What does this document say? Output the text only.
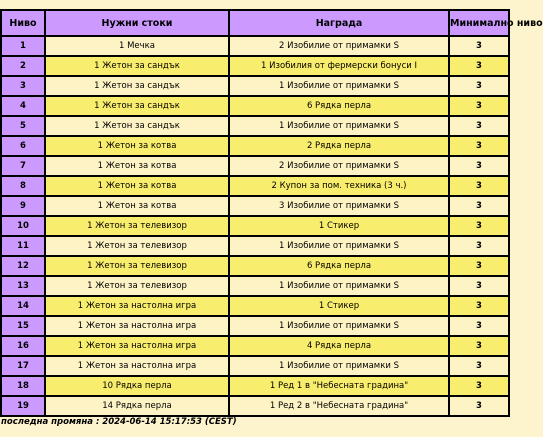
Ниво	Нужни стоки	Награда	Минимално ниво
1	1 Мечка	2 Изобилие от примамки S	3
2	1 Жетон за сандък	1 Изобилия от фермерски бонуси I	3
3	1 Жетон за сандък	1 Изобилие от примамки S	3
4	1 Жетон за сандък	6 Рядка перла	3
5	1 Жетон за сандък	1 Изобилие от примамки S	3
6	1 Жетон за котва	2 Рядка перла	3
7	1 Жетон за котва	2 Изобилие от примамки S	3
8	1 Жетон за котва	2 Купон за пом. техника (3 ч.)	3
9	1 Жетон за котва	3 Изобилие от примамки S	3
10	1 Жетон за телевизор	1 Стикер	3
11	1 Жетон за телевизор	1 Изобилие от примамки S	3
12	1 Жетон за телевизор	6 Рядка перла	3
13	1 Жетон за телевизор	1 Изобилие от примамки S	3
14	1 Жетон за настолна игра	1 Стикер	3
15	1 Жетон за настолна игра	1 Изобилие от примамки S	3
16	1 Жетон за настолна игра	4 Рядка перла	3
17	1 Жетон за настолна игра	1 Изобилие от примамки S	3
18	10 Рядка перла	1 Ред 1 в "Небесната градина"	3
19	14 Рядка перла	1 Ред 2 в "Небесната градина"	3
последна промяна : 2024-06-14 15:17:53 (CEST)
